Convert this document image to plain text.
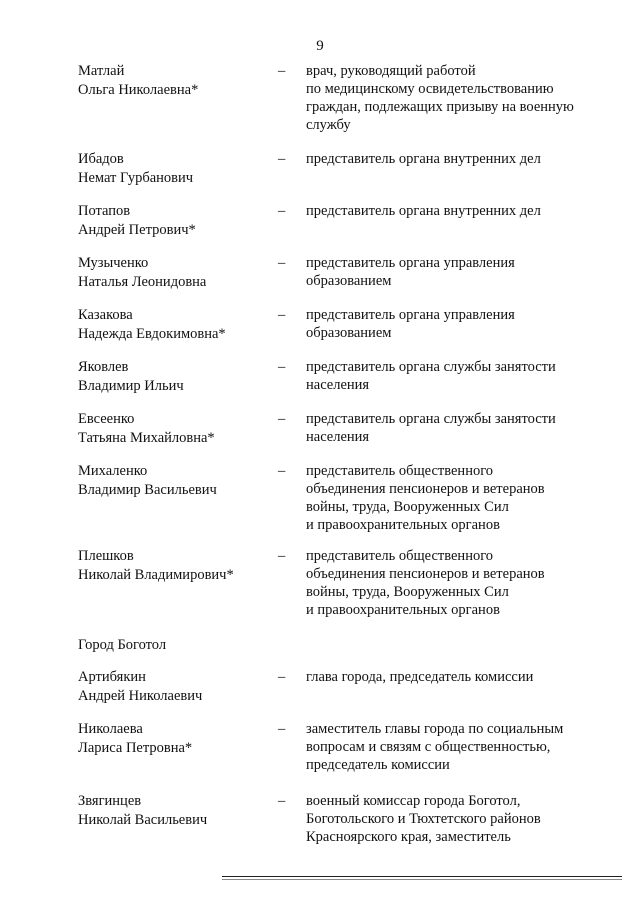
9
Матлай
Ольга Николаевна*
– врач, руководящий работой
по медицинскому освидетельствованию
граждан, подлежащих призыву на военную
службу
Ибадов
Немат Гурбанович
– представитель органа внутренних дел
Потапов
Андрей Петрович*
– представитель органа внутренних дел
Музыченко
Наталья Леонидовна
– представитель органа управления
образованием
Казакова
Надежда Евдокимовна*
– представитель органа управления
образованием
Яковлев
Владимир Ильич
– представитель органа службы занятости
населения
Евсеенко
Татьяна Михайловна*
– представитель органа службы занятости
населения
Михаленко
Владимир Васильевич
– представитель общественного
объединения пенсионеров и ветеранов
войны, труда, Вооруженных Сил
и правоохранительных органов
Плешков
Николай Владимирович*
– представитель общественного
объединения пенсионеров и ветеранов
войны, труда, Вооруженных Сил
и правоохранительных органов
Город Боготол
Артибякин
Андрей Николаевич
– глава города, председатель комиссии
Николаева
Лариса Петровна*
– заместитель главы города по социальным
вопросам и связям с общественностью,
председатель комиссии
Звягинцев
Николай Васильевич
– военный комиссар города Боготол,
Боготольского и Тюхтетского районов
Красноярского края, заместитель
